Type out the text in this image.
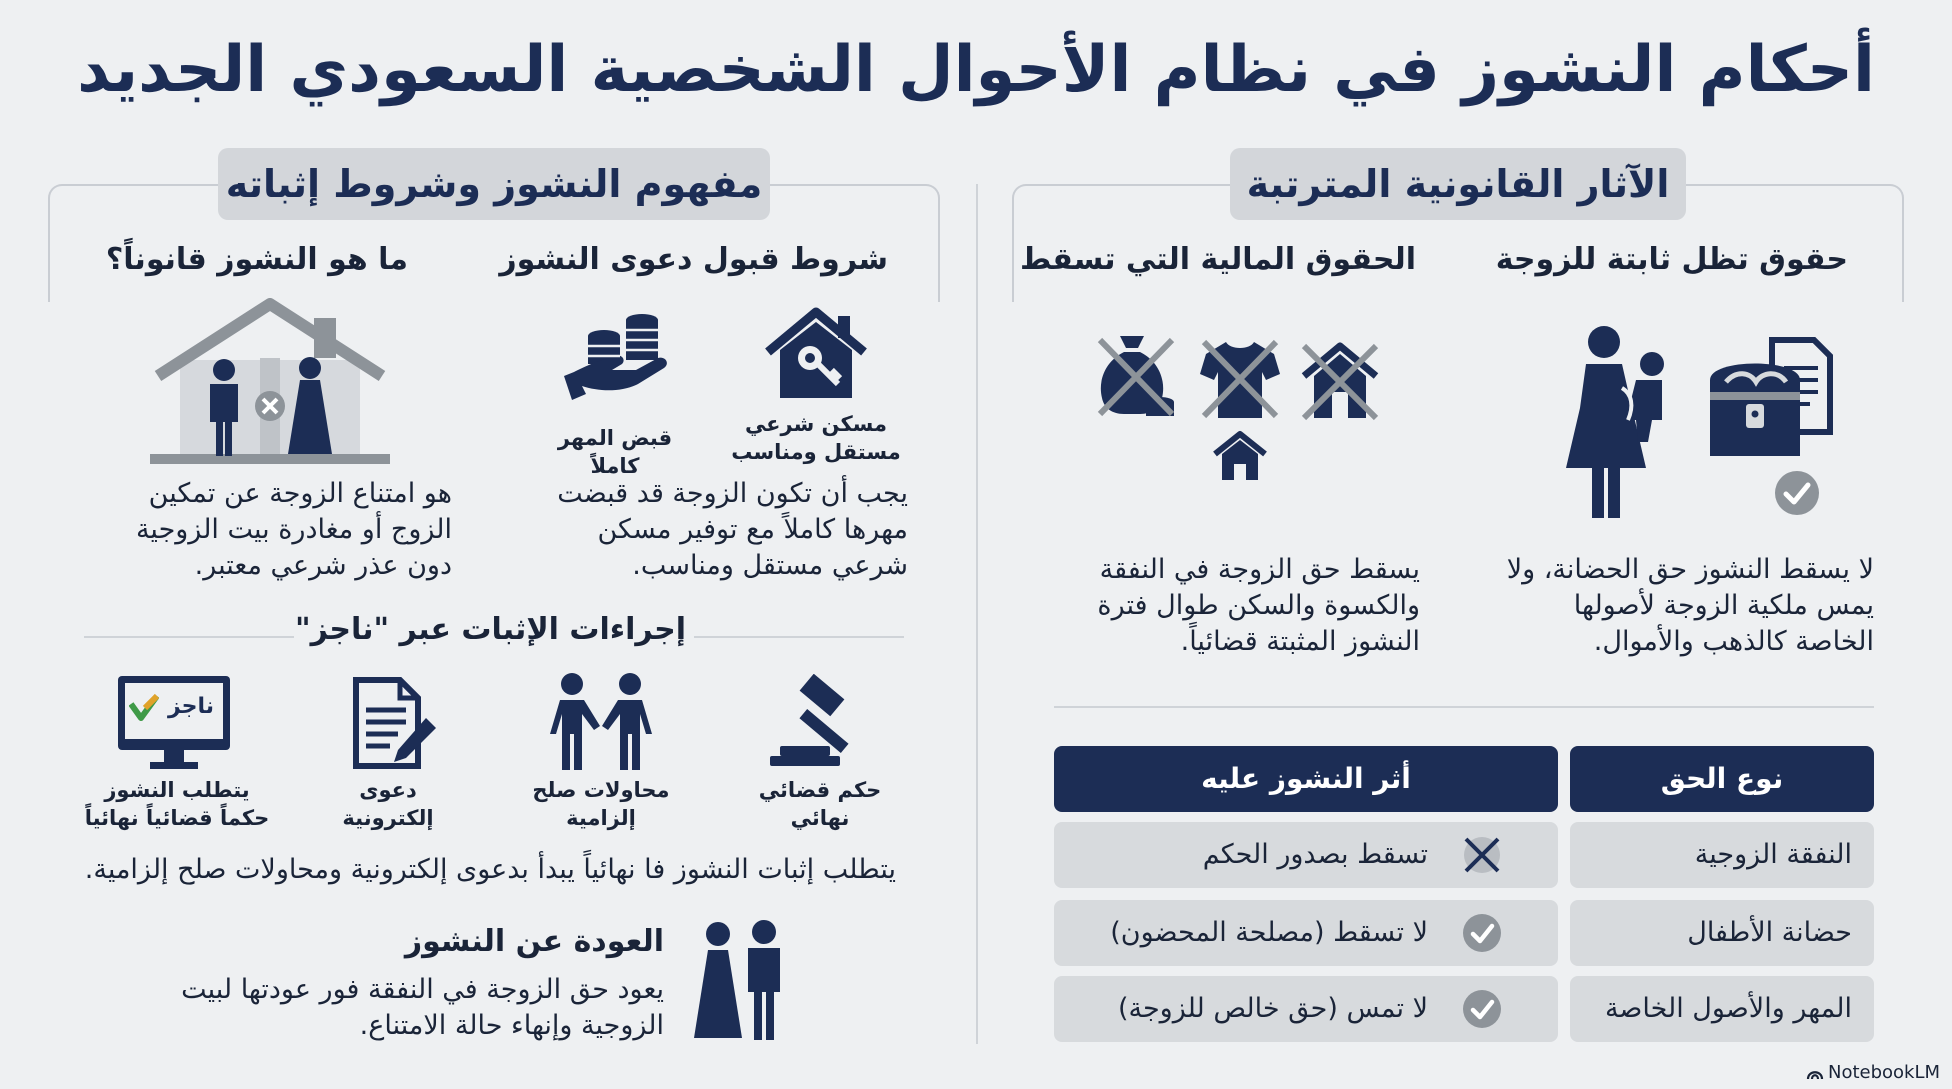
أحكام النشوز في نظام الأحوال الشخصية السعودي الجديد
مفهوم النشوز وشروط إثباته
شروط قبول دعوى النشوز
ما هو النشوز قانوناً؟
مسكن شرعي مستقل ومناسب
قبض المهر كاملاً
يجب أن تكون الزوجة قد قبضت مهرها كاملاً مع توفير مسكن شرعي مستقل ومناسب.
هو امتناع الزوجة عن تمكين الزوج أو مغادرة بيت الزوجية دون عذر شرعي معتبر.
إجراءات الإثبات عبر "ناجز"
حكم قضائي نهائي
محاولات صلح إلزامية
دعوى إلكترونية
ناجز
يتطلب النشوز حكماً قضائياً نهائياً
يتطلب إثبات النشوز فا نهائياً يبدأ بدعوى إلكترونية ومحاولات صلح إلزامية.
العودة عن النشوز
يعود حق الزوجة في النفقة فور عودتها لبيت الزوجية وإنهاء حالة الامتناع.
الآثار القانونية المترتبة
حقوق تظل ثابتة للزوجة
الحقوق المالية التي تسقط
يسقط حق الزوجة في النفقة والكسوة والسكن طوال فترة النشوز المثبتة قضائياً.
لا يسقط النشوز حق الحضانة، ولا يمس ملكية الزوجة لأصولها الخاصة كالذهب والأموال.
نوع الحق
أثر النشوز عليه
النفقة الزوجية
تسقط بصدور الحكم
حضانة الأطفال
لا تسقط (مصلحة المحضون)
المهر والأصول الخاصة
لا تمس (حق خالص للزوجة)
NotebookLM
